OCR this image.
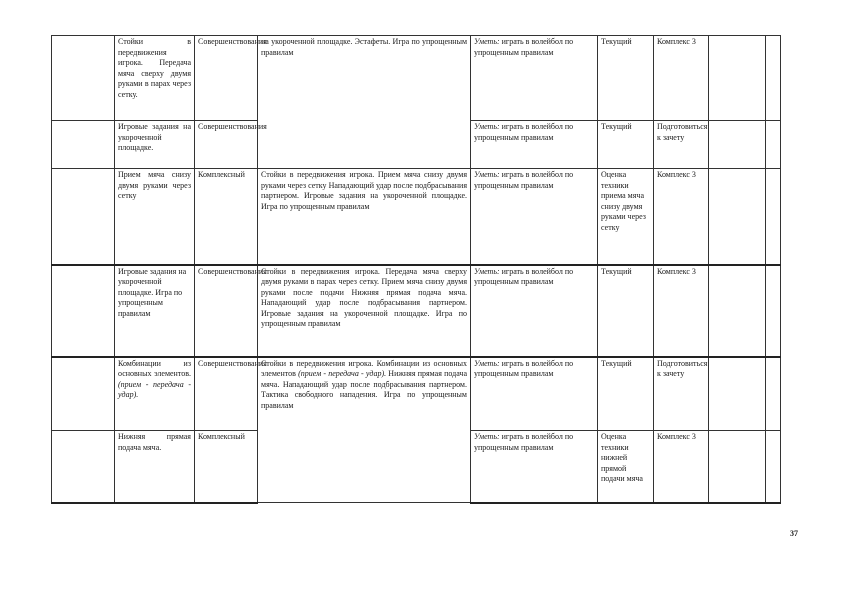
	Стойки в передвижения игрока. Передача мяча сверху двумя руками в парах через сетку.	Совершенствования	на укороченной площадке. Эстафеты. Игра по упрощенным правилам	Уметь: играть в волейбол по упрощенным правилам	Текущий	Комплекс 3		
	Игровые задания на укороченной площадке.	Совершенствования		Уметь: играть в волейбол по упрощенным правилам	Текущий	Подготовиться к зачету		
	Прием мяча снизу двумя руками через сетку	Комплексный	Стойки в передвижения игрока. Прием мяча снизу двумя руками через сетку Нападающий удар после подбрасывания партнером. Игровые задания на укороченной площадке. Игра по упрощенным правилам	Уметь: играть в волейбол по упрощенным правилам	Оценка техники приема мяча снизу двумя руками через сетку	Комплекс 3		
	Игровые задания на укороченной площадке. Игра по упрощенным правилам	Совершенствования	Стойки в передвижения игрока. Передача мяча сверху двумя руками в парах через сетку. Прием мяча снизу двумя руками после подачи Нижняя прямая подача мяча. Нападающий удар после подбрасывания партнером. Игровые задания на укороченной площадке. Игра по упрощенным правилам	Уметь: играть в волейбол по упрощенным правилам	Текущий	Комплекс 3		
	Комбинации из основных элементов. (прием - передача - удар).	Совершенствования	Стойки в передвижения игрока. Комбинации из основных элементов (прием - передача - удар). Нижняя прямая подача мяча. Нападающий удар после подбрасывания партнером. Тактика свободного нападения. Игра по упрощенным правилам	Уметь: играть в волейбол по упрощенным правилам	Текущий	Подготовиться к зачету		
	Нижняя прямая подача мяча.	Комплексный		Уметь: играть в волейбол по упрощенным правилам	Оценка техники нижней прямой подачи мяча	Комплекс 3		
37
